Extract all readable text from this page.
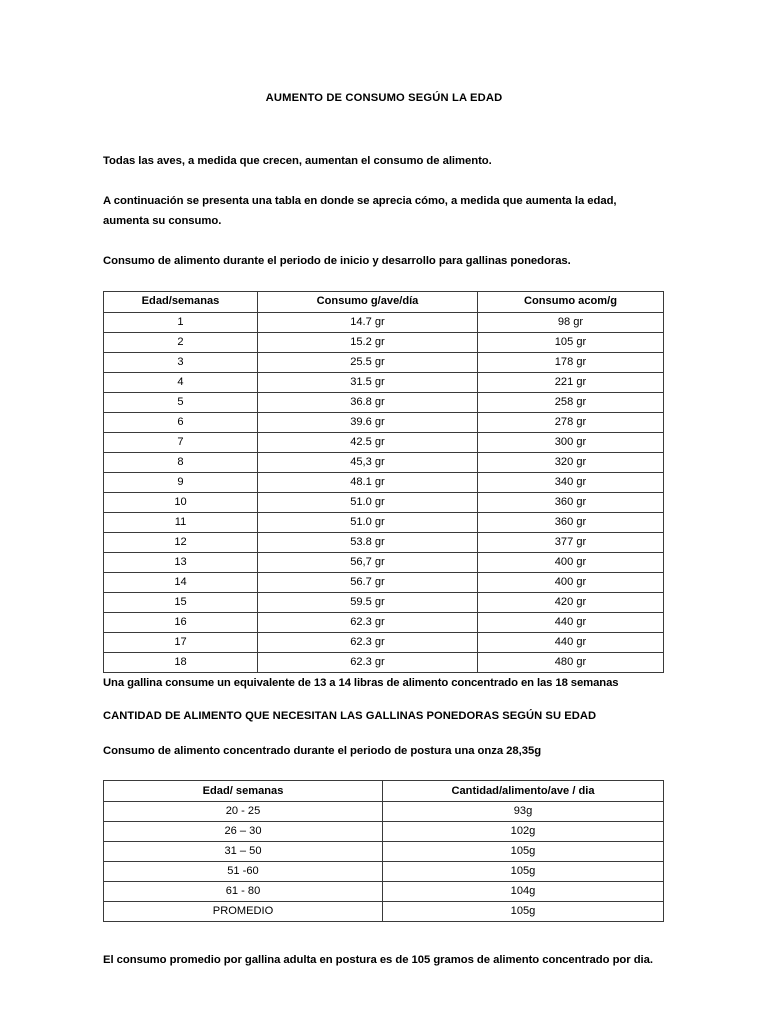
AUMENTO DE CONSUMO SEGÚN LA EDAD

Todas las aves, a medida que crecen, aumentan el consumo de alimento.

A continuación se presenta una tabla en donde se aprecia cómo, a medida que aumenta la edad, aumenta su consumo.

Consumo de alimento durante el periodo de inicio y desarrollo para gallinas ponedoras.

Edad/semanas	Consumo g/ave/día	Consumo acom/g
1	14.7 gr	98 gr
2	15.2 gr	105 gr
3	25.5 gr	178 gr
4	31.5 gr	221 gr
5	36.8 gr	258 gr
6	39.6 gr	278 gr
7	42.5 gr	300 gr
8	45,3 gr	320 gr
9	48.1 gr	340 gr
10	51.0 gr	360 gr
11	51.0 gr	360 gr
12	53.8 gr	377 gr
13	56,7 gr	400 gr
14	56.7 gr	400 gr
15	59.5 gr	420 gr
16	62.3 gr	440 gr
17	62.3 gr	440 gr
18	62.3 gr	480 gr

Una gallina consume un equivalente de 13 a 14 libras de alimento concentrado en las 18 semanas

CANTIDAD DE ALIMENTO QUE NECESITAN LAS GALLINAS PONEDORAS SEGÚN SU EDAD

Consumo de alimento concentrado durante el periodo de postura una onza 28,35g

Edad/ semanas	Cantidad/alimento/ave / dia
20 - 25	93g
26 – 30	102g
31 – 50	105g
51 -60	105g
61 - 80	104g
PROMEDIO	105g

El consumo promedio por gallina adulta en postura es de 105 gramos de alimento concentrado por dia.
